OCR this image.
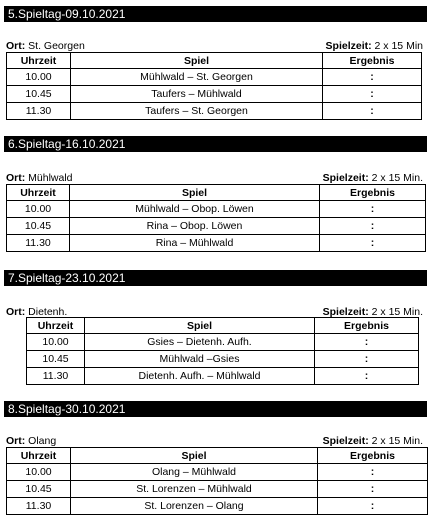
5.Spieltag-09.10.2021
Ort: St. Georgen	Spielzeit: 2 x 15 Min
Uhrzeit	Spiel	Ergebnis
10.00	Mühlwald – St. Georgen	:
10.45	Taufers – Mühlwald	:
11.30	Taufers – St. Georgen	:
6.Spieltag-16.10.2021
Ort: Mühlwald	Spielzeit: 2 x 15 Min.
Uhrzeit	Spiel	Ergebnis
10.00	Mühlwald – Obop. Löwen	:
10.45	Rina – Obop. Löwen	:
11.30	Rina – Mühlwald	:
7.Spieltag-23.10.2021
Ort: Dietenh.	Spielzeit: 2 x 15 Min.
Uhrzeit	Spiel	Ergebnis
10.00	Gsies – Dietenh. Aufh.	:
10.45	Mühlwald –Gsies	:
11.30	Dietenh. Aufh. – Mühlwald	:
8.Spieltag-30.10.2021
Ort: Olang	Spielzeit: 2 x 15 Min.
Uhrzeit	Spiel	Ergebnis
10.00	Olang – Mühlwald	:
10.45	St. Lorenzen – Mühlwald	:
11.30	St. Lorenzen – Olang	:
